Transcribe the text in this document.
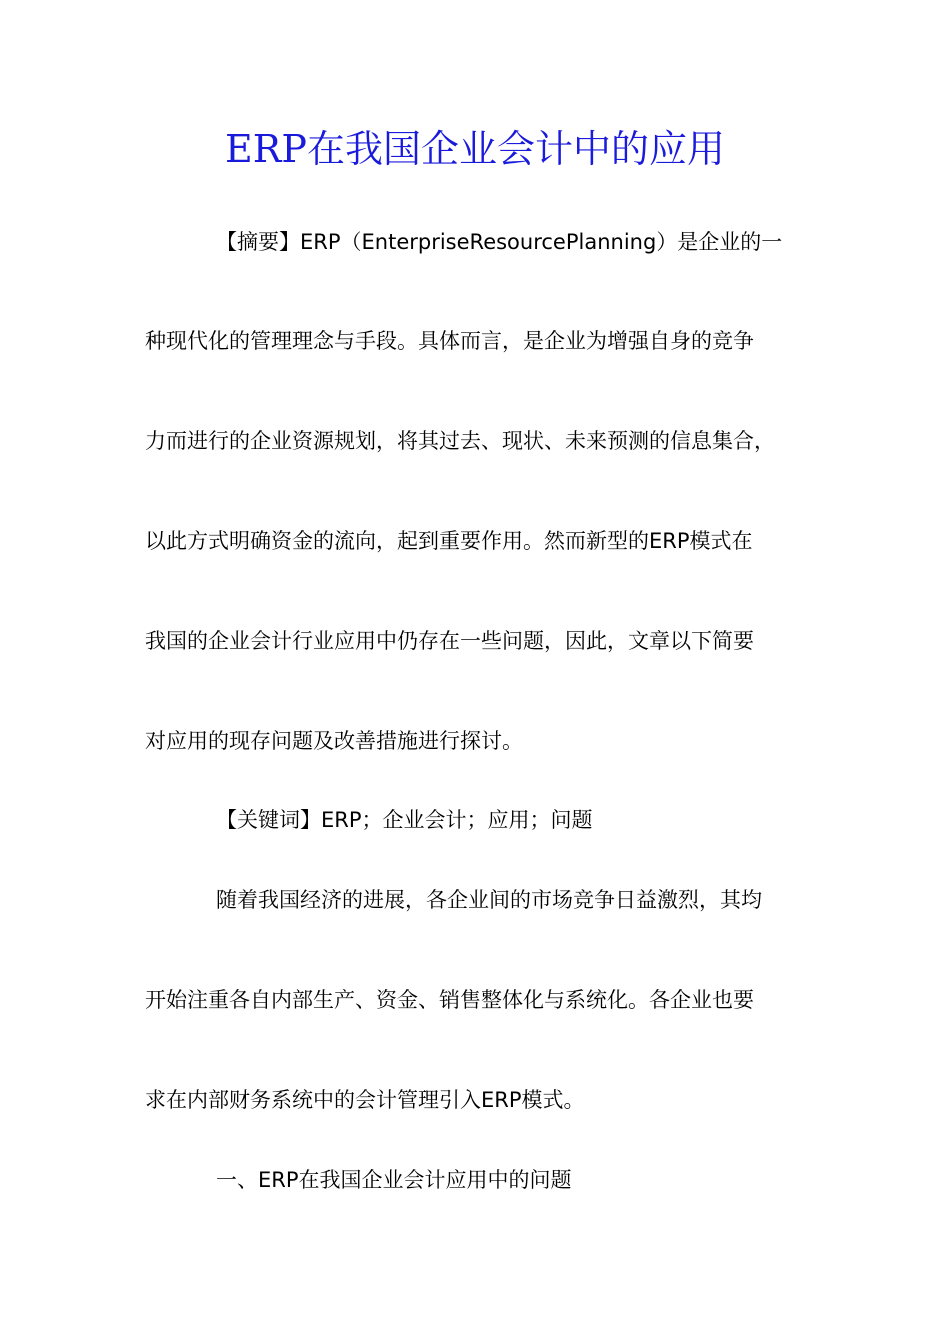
ERP在我国企业会计中的应用
【摘要】ERP（EnterpriseResourcePlanning）是企业的一
种现代化的管理理念与手段。具体而言，是企业为增强自身的竞争
力而进行的企业资源规划，将其过去、现状、未来预测的信息集合，
以此方式明确资金的流向，起到重要作用。然而新型的ERP模式在
我国的企业会计行业应用中仍存在一些问题，因此，文章以下简要
对应用的现存问题及改善措施进行探讨。
【关键词】ERP；企业会计；应用；问题
随着我国经济的进展，各企业间的市场竞争日益激烈，其均
开始注重各自内部生产、资金、销售整体化与系统化。各企业也要
求在内部财务系统中的会计管理引入ERP模式。
一、ERP在我国企业会计应用中的问题
